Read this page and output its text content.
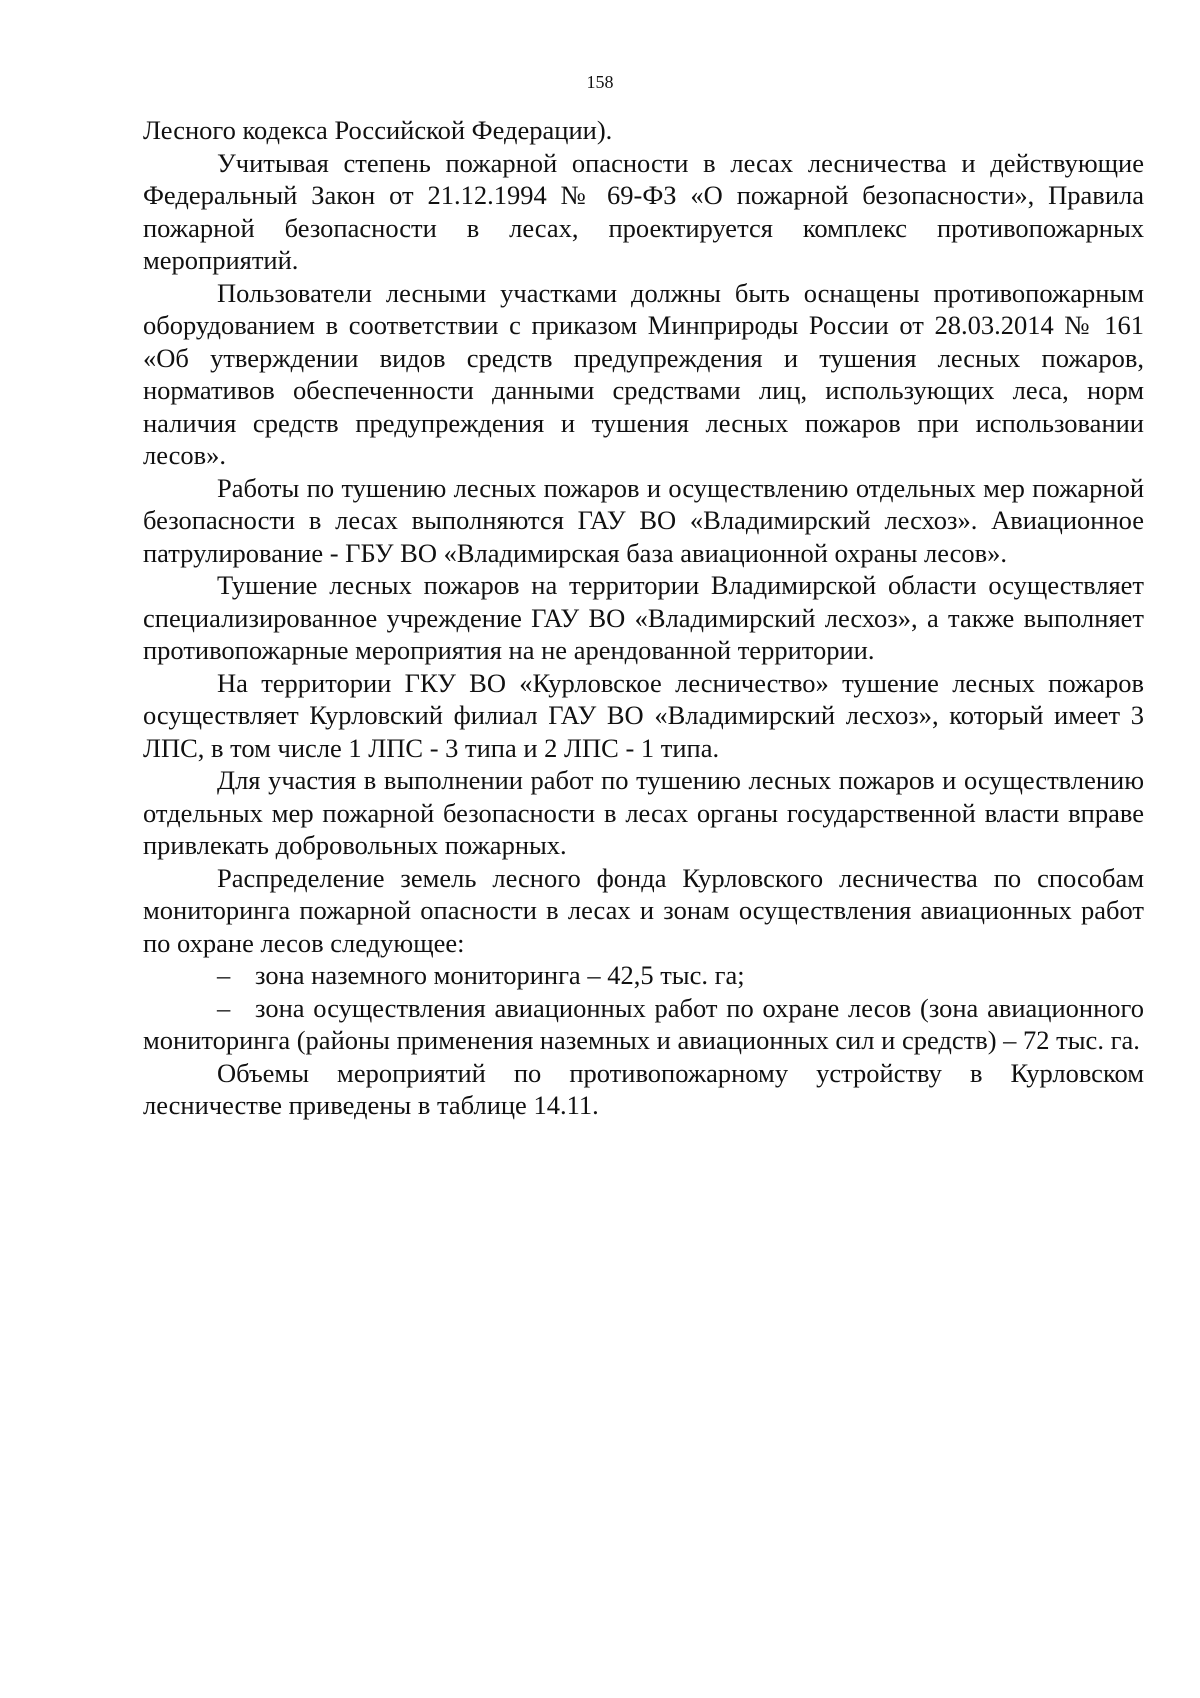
158

Лесного кодекса Российской Федерации).

Учитывая степень пожарной опасности в лесах лесничества и действующие Федеральный Закон от 21.12.1994 № 69-ФЗ «О пожарной безопасности», Правила пожарной безопасности в лесах, проектируется комплекс противопожарных мероприятий.

Пользователи лесными участками должны быть оснащены противопожарным оборудованием в соответствии с приказом Минприроды России от 28.03.2014 № 161 «Об утверждении видов средств предупреждения и тушения лесных пожаров, нормативов обеспеченности данными средствами лиц, использующих леса, норм наличия средств предупреждения и тушения лесных пожаров при использовании лесов».

Работы по тушению лесных пожаров и осуществлению отдельных мер пожарной безопасности в лесах выполняются ГАУ ВО «Владимирский лесхоз». Авиационное патрулирование - ГБУ ВО «Владимирская база авиационной охраны лесов».

Тушение лесных пожаров на территории Владимирской области осуществляет специализированное учреждение ГАУ ВО «Владимирский лесхоз», а также выполняет противопожарные мероприятия на не арендованной территории.

На территории ГКУ ВО «Курловское лесничество» тушение лесных пожаров осуществляет Курловский филиал ГАУ ВО «Владимирский лесхоз», который имеет 3 ЛПС, в том числе 1 ЛПС - 3 типа и 2 ЛПС - 1 типа.

Для участия в выполнении работ по тушению лесных пожаров и осуществлению отдельных мер пожарной безопасности в лесах органы государственной власти вправе привлекать добровольных пожарных.

Распределение земель лесного фонда Курловского лесничества по способам мониторинга пожарной опасности в лесах и зонам осуществления авиационных работ по охране лесов следующее:

– зона наземного мониторинга – 42,5 тыс. га;

– зона осуществления авиационных работ по охране лесов (зона авиационного мониторинга (районы применения наземных и авиационных сил и средств) – 72 тыс. га.

Объемы мероприятий по противопожарному устройству в Курловском лесничестве приведены в таблице 14.11.
